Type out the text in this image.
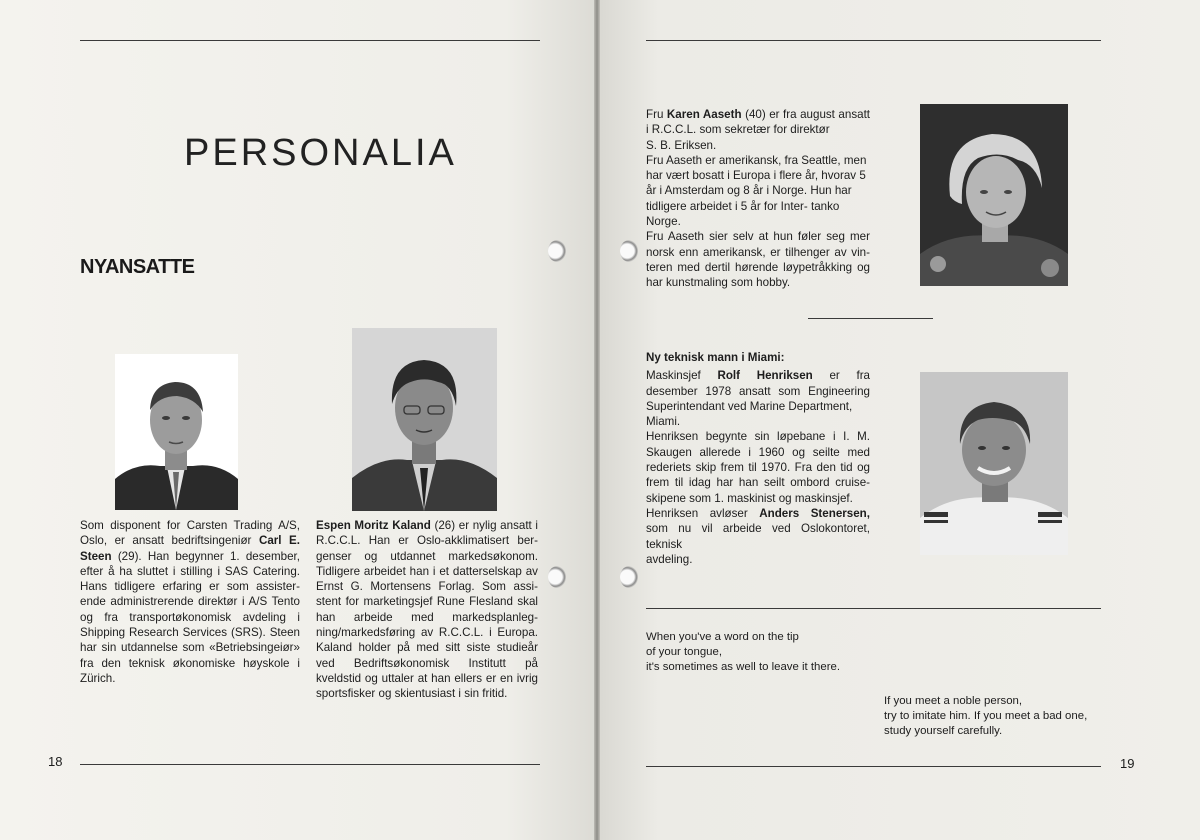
PERSONALIA
NYANSATTE

Som disponent for Carsten Trading A/S, Oslo, er ansatt bedriftsingeniør Carl E. Steen (29). Han begynner 1. desember, efter å ha sluttet i stilling i SAS Catering. Hans tidligere erfaring er som assister- ende administrerende direktør i A/S Tento og fra transportøkonomisk avdeling i Shipping Research Services (SRS). Steen har sin utdannelse som «Betriebsingeiør» fra den teknisk økonomiske høyskole i Zürich.

Espen Moritz Kaland (26) er nylig ansatt i R.C.C.L. Han er Oslo-akklimatisert ber- genser og utdannet markedsøkonom. Tidligere arbeidet han i et datterselskap av Ernst G. Mortensens Forlag. Som assi- stent for marketingsjef Rune Flesland skal han arbeide med markedsplanleg- ning/markedsføring av R.C.C.L. i Europa. Kaland holder på med sitt siste studieår ved Bedriftsøkonomisk Institutt på kveldstid og uttaler at han ellers er en ivrig sportsfisker og skientusiast i sin fritid.

18

Fru Karen Aaseth (40) er fra august ansatt i R.C.C.L. som sekretær for direktør

S. B. Eriksen.
Fru Aaseth er amerikansk, fra Seattle, men har vært bosatt i Europa i flere år, hvorav 5 år i Amsterdam og 8 år i Norge. Hun har tidligere arbeidet i 5 år for Inter- tanko Norge.

Fru Aaseth sier selv at hun føler seg mer norsk enn amerikansk, er tilhenger av vin- teren med dertil hørende løypetråkking og har kunstmaling som hobby.

Ny teknisk mann i Miami:

Maskinsjef Rolf Henriksen er fra desember 1978 ansatt som Engineering Superintendant ved Marine Department,

Miami.

Henriksen begynte sin løpebane i I. M. Skaugen allerede i 1960 og seilte med rederiets skip frem til 1970. Fra den tid og frem til idag har han seilt ombord cruise- skipene som 1. maskinist og maskinsjef.

Henriksen avløser Anders Stenersen, som nu vil arbeide ved Oslokontoret, teknisk

avdeling.

When you've a word on the tip
of your tongue,
it's sometimes as well to leave it there.
If you meet a noble person,
try to imitate him. If you meet a bad one,
study yourself carefully.
19
